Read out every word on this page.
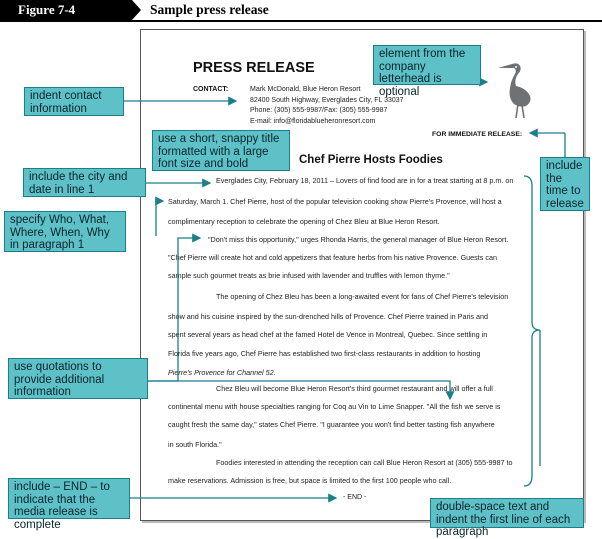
Figure 7-4	Sample press release
PRESS RELEASE
CONTACT:	Mark McDonald, Blue Heron Resort
82400 South Highway, Everglades City, FL 33037
Phone: (305) 555-9987/Fax: (305) 555-9987
E-mail: info@floridablueheronresort.com
FOR IMMEDIATE RELEASE:
Chef Pierre Hosts Foodies
Everglades City, February 18, 2011 – Lovers of find food are in for a treat starting at 8 p.m. on
Saturday, March 1. Chef Pierre, host of the popular television cooking show Pierre's Provence, will host a
complimentary reception to celebrate the opening of Chez Bleu at Blue Heron Resort.
"Don't miss this opportunity," urges Rhonda Harris, the general manager of Blue Heron Resort.
"Chef Pierre will create hot and cold appetizers that feature herbs from his native Provence. Guests can
sample such gourmet treats as brie infused with lavender and truffles with lemon thyme."
The opening of Chez Bleu has been a long-awaited event for fans of Chef Pierre's television
show and his cuisine inspired by the sun-drenched hills of Provence. Chef Pierre trained in Paris and
spent several years as head chef at the famed Hotel de Vence in Montreal, Quebec. Since settling in
Florida five years ago, Chef Pierre has established two first-class restaurants in addition to hosting
Pierre's Provence for Channel 52.
Chez Bleu will become Blue Heron Resort's third gourmet restaurant and will offer a full
continental menu with house specialties ranging for Coq au Vin to Lime Snapper. "All the fish we serve is
caught fresh the same day," states Chef Pierre. "I guarantee you won't find better tasting fish anywhere
in south Florida."
Foodies interested in attending the reception can call Blue Heron Resort at (305) 555-9987 to
make reservations. Admission is free, but space is limited to the first 100 people who call.
- END -
element from the company letterhead is optional
indent contact information
use a short, snappy title formatted with a large font size and bold
include the city and date in line 1
include the time to release
specify Who, What, Where, When, Why in paragraph 1
use quotations to provide additional information
include – END – to indicate that the media release is complete
double-space text and indent the first line of each paragraph
